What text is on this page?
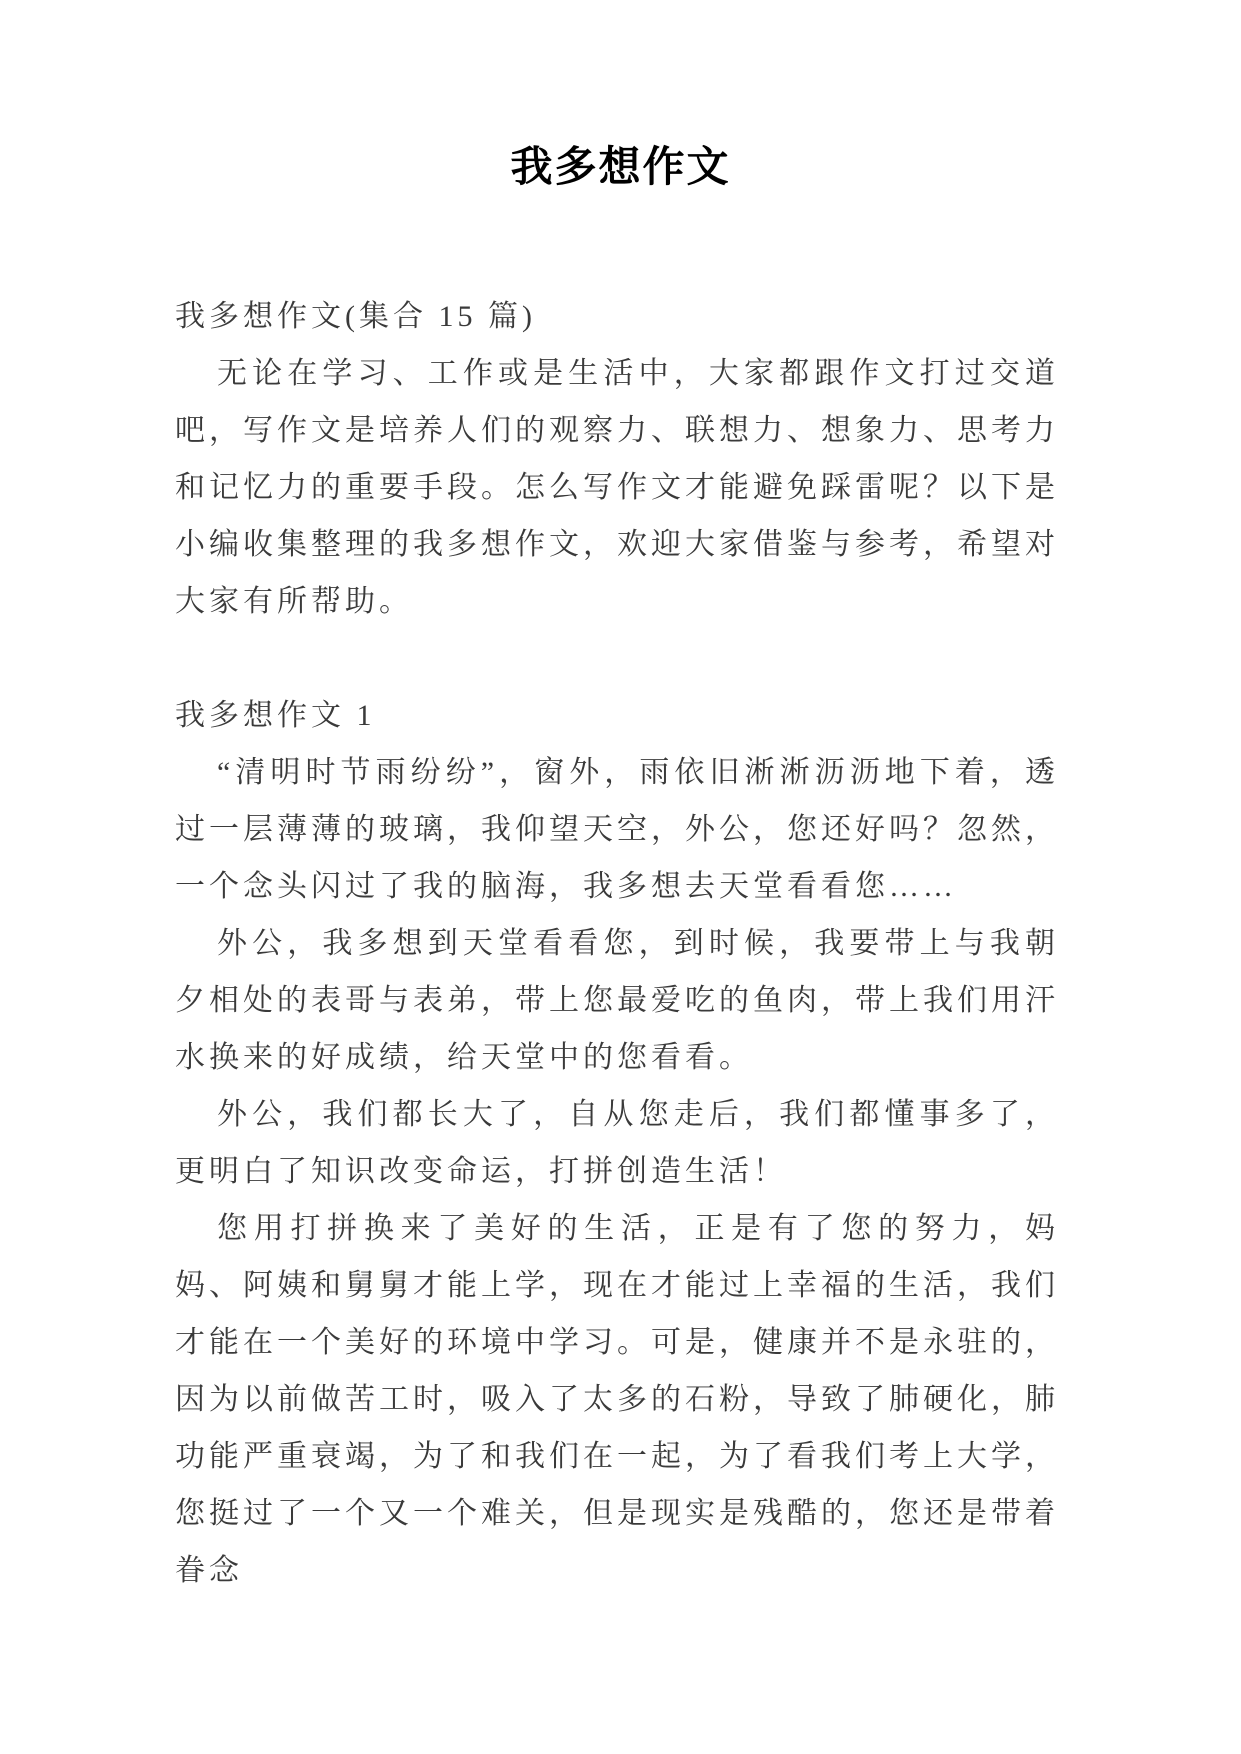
我多想作文

我多想作文(集合 15 篇)

无论在学习、工作或是生活中，大家都跟作文打过交道吧，写作文是培养人们的观察力、联想力、想象力、思考力和记忆力的重要手段。怎么写作文才能避免踩雷呢？以下是小编收集整理的我多想作文，欢迎大家借鉴与参考，希望对大家有所帮助。

我多想作文 1

“清明时节雨纷纷”，窗外，雨依旧淅淅沥沥地下着，透过一层薄薄的玻璃，我仰望天空，外公，您还好吗？忽然，一个念头闪过了我的脑海，我多想去天堂看看您……

外公，我多想到天堂看看您，到时候，我要带上与我朝夕相处的表哥与表弟，带上您最爱吃的鱼肉，带上我们用汗水换来的好成绩，给天堂中的您看看。

外公，我们都长大了，自从您走后，我们都懂事多了，更明白了知识改变命运，打拼创造生活！

您用打拼换来了美好的生活，正是有了您的努力，妈妈、阿姨和舅舅才能上学，现在才能过上幸福的生活，我们才能在一个美好的环境中学习。可是，健康并不是永驻的，因为以前做苦工时，吸入了太多的石粉，导致了肺硬化，肺功能严重衰竭，为了和我们在一起，为了看我们考上大学，您挺过了一个又一个难关，但是现实是残酷的，您还是带着眷念
